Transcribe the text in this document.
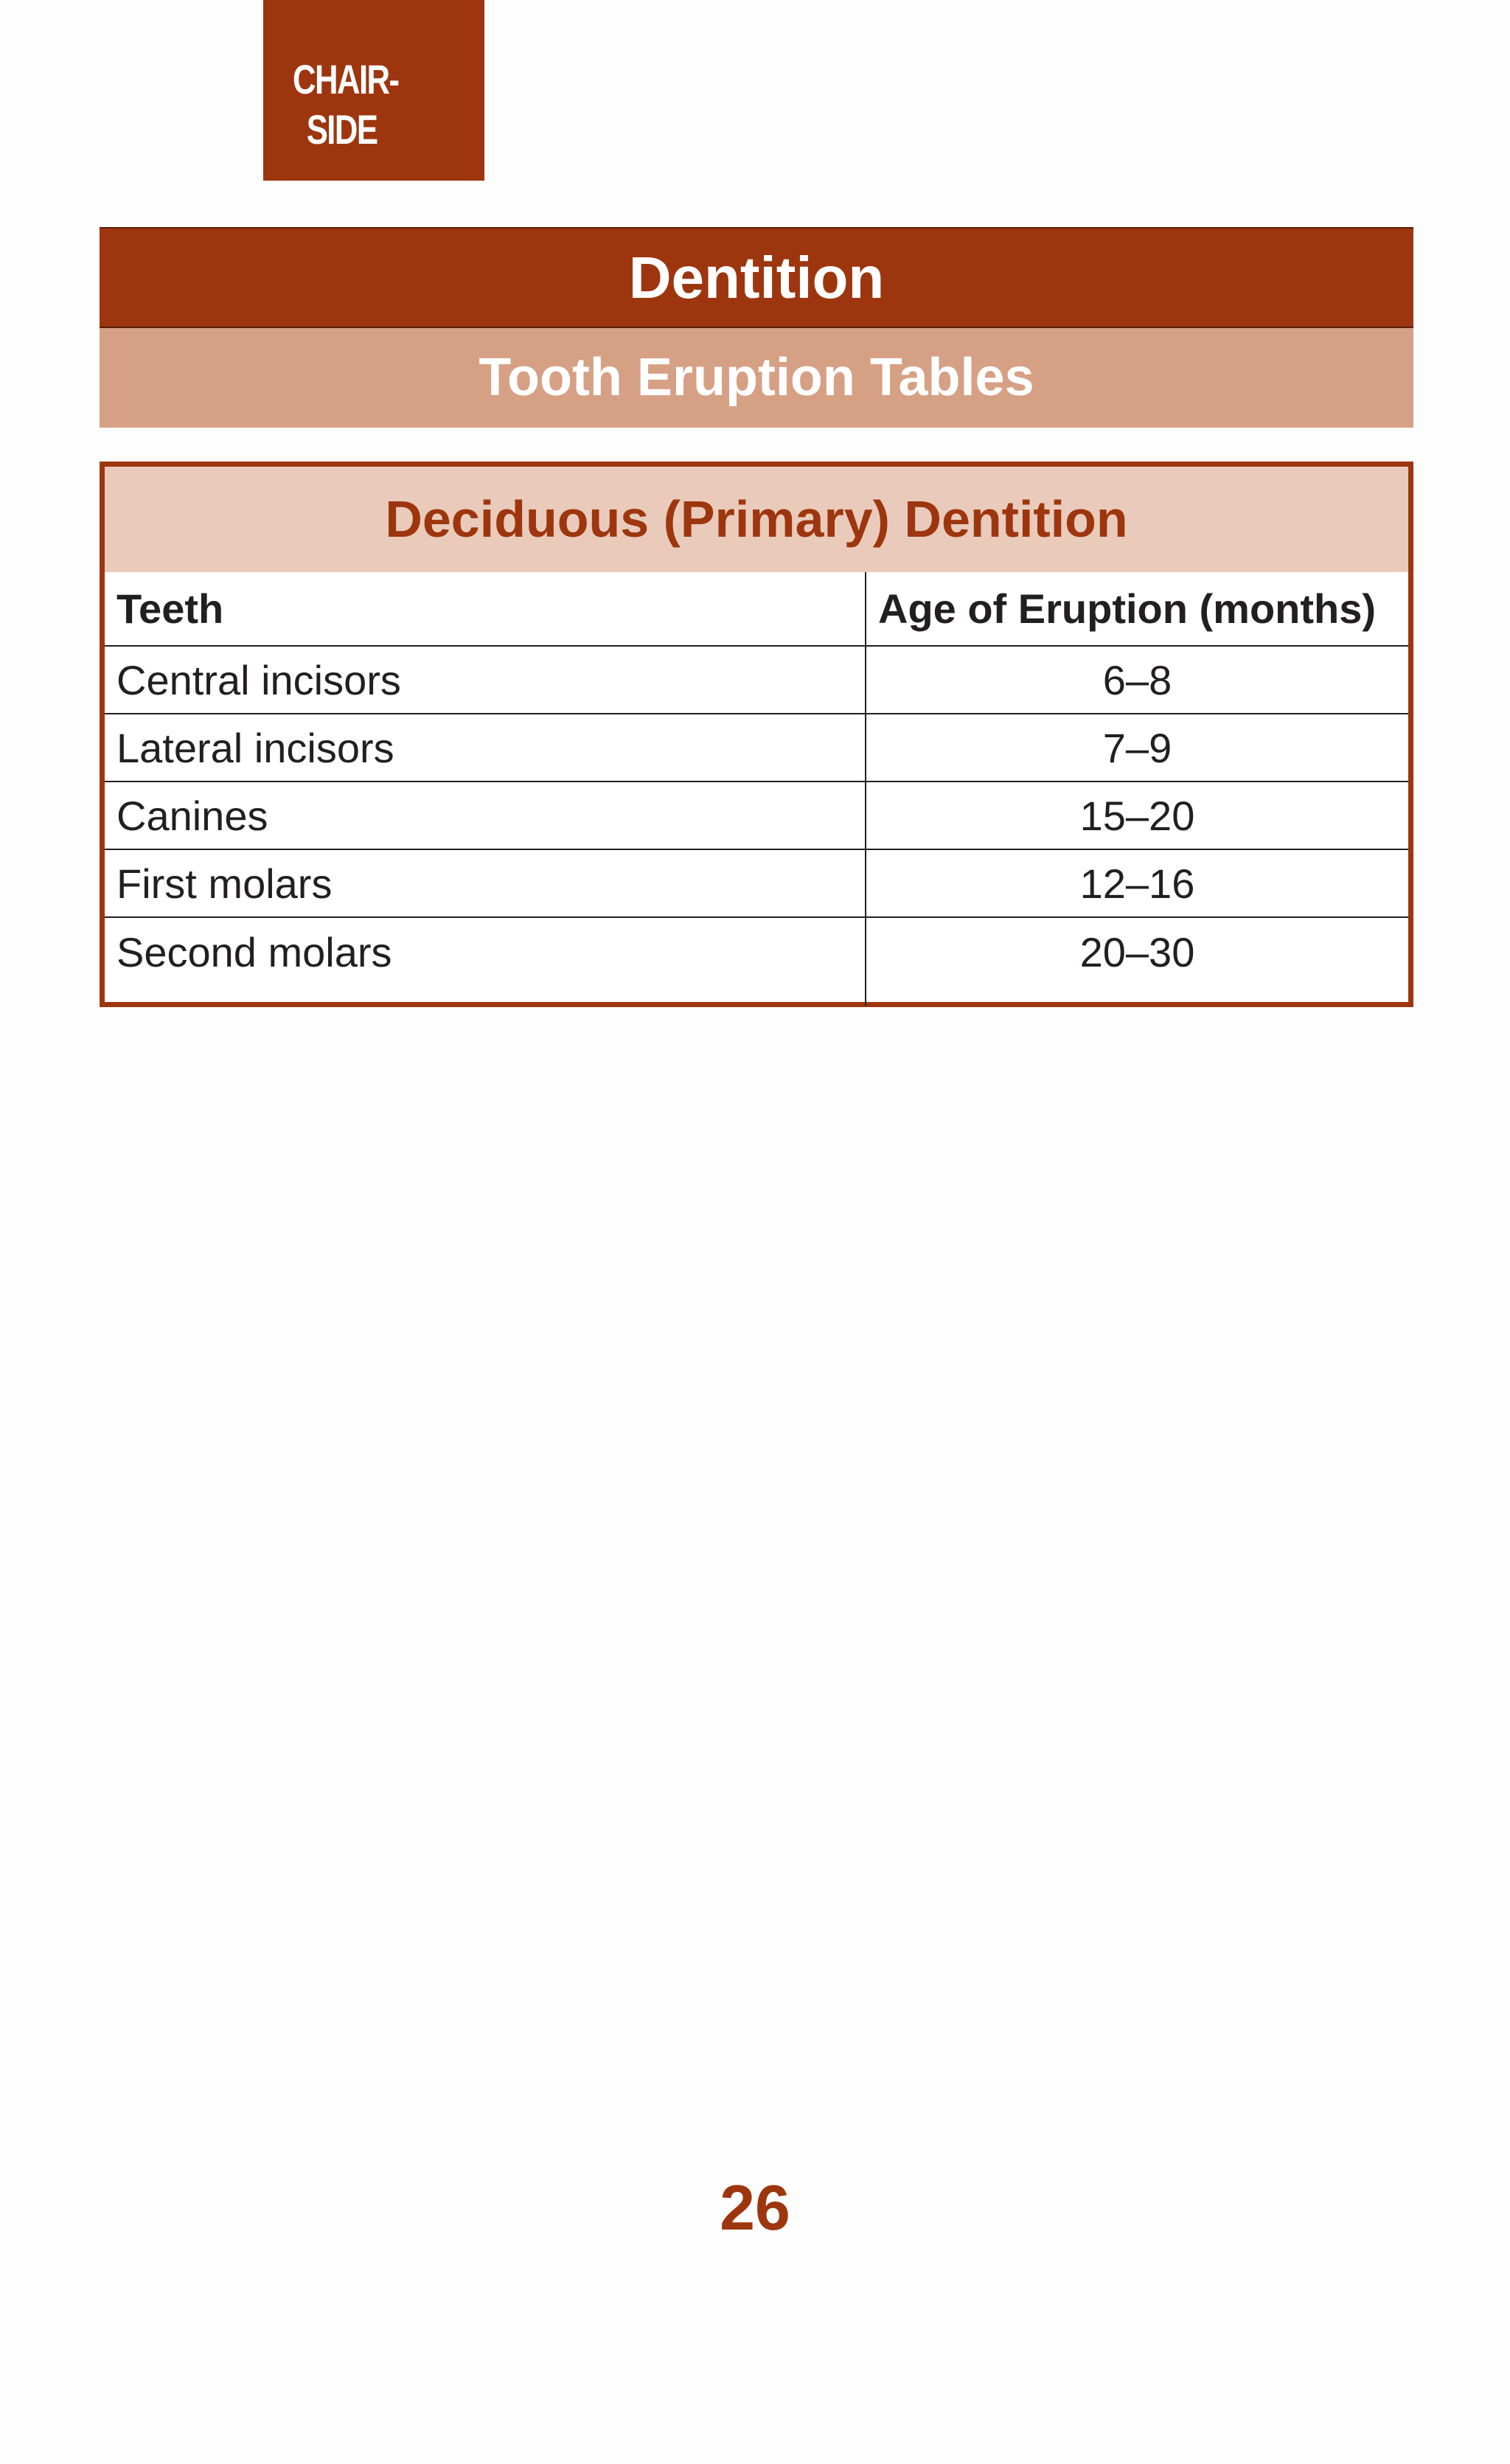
CHAIR-
SIDE
Dentition
Tooth Eruption Tables
Deciduous (Primary) Dentition
Teeth	Age of Eruption (months)
Central incisors	6–8
Lateral incisors	7–9
Canines	15–20
First molars	12–16
Second molars	20–30
26
